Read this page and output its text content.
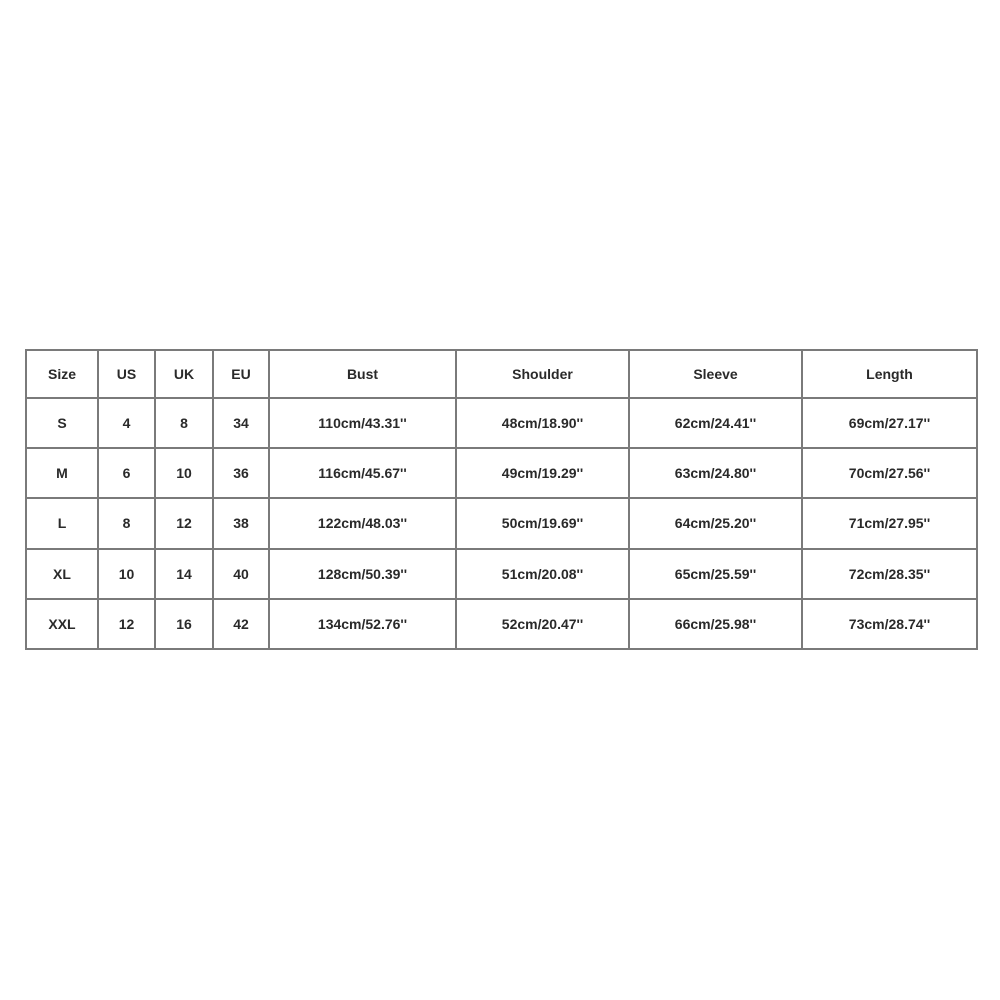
Size	US	UK	EU	Bust	Shoulder	Sleeve	Length
S	4	8	34	110cm/43.31''	48cm/18.90''	62cm/24.41''	69cm/27.17''
M	6	10	36	116cm/45.67''	49cm/19.29''	63cm/24.80''	70cm/27.56''
L	8	12	38	122cm/48.03''	50cm/19.69''	64cm/25.20''	71cm/27.95''
XL	10	14	40	128cm/50.39''	51cm/20.08''	65cm/25.59''	72cm/28.35''
XXL	12	16	42	134cm/52.76''	52cm/20.47''	66cm/25.98''	73cm/28.74''
